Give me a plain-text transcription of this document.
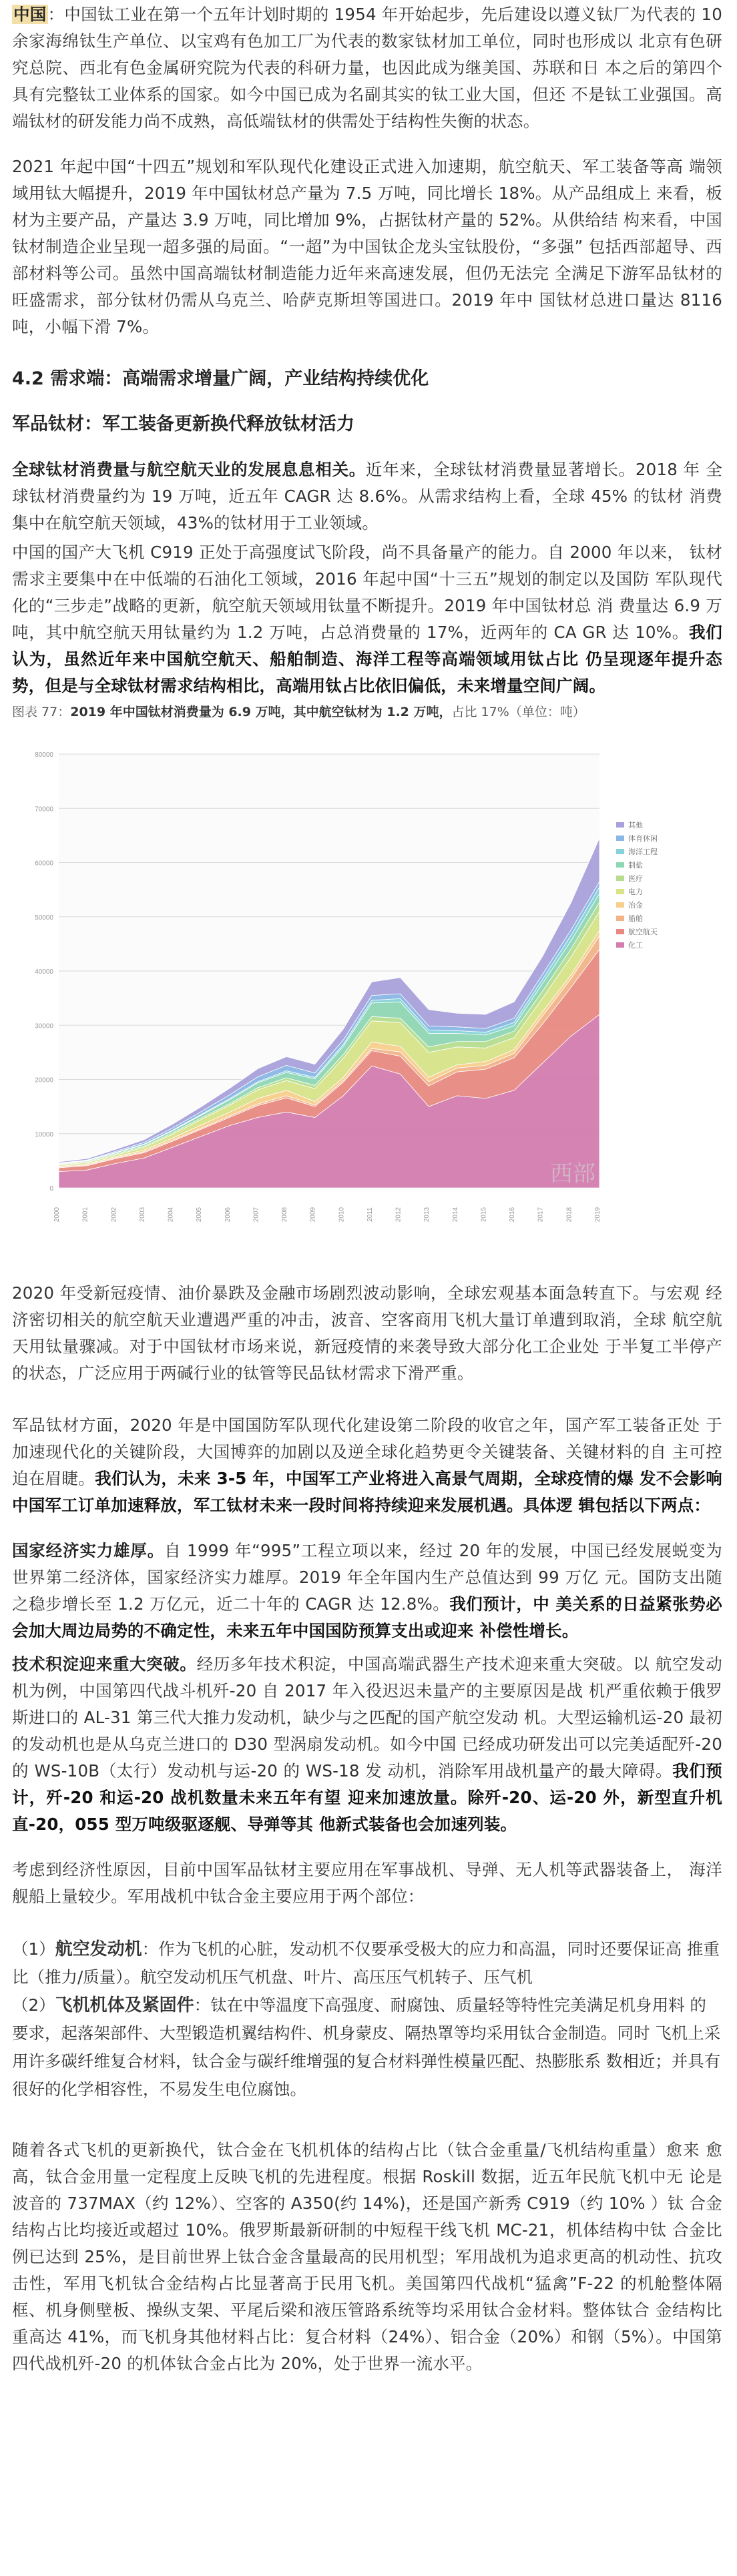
中国：中国钛工业在第一个五年计划时期的 1954 年开始起步，先后建设以遵义钛厂为代表的 10 余家海绵钛生产单位、以宝鸡有色加工厂为代表的数家钛材加工单位，同时也形成以 北京有色研究总院、西北有色金属研究院为代表的科研力量，也因此成为继美国、苏联和日 本之后的第四个具有完整钛工业体系的国家。如今中国已成为名副其实的钛工业大国，但还 不是钛工业强国。高端钛材的研发能力尚不成熟，高低端钛材的供需处于结构性失衡的状态。

2021 年起中国“十四五”规划和军队现代化建设正式进入加速期，航空航天、军工装备等高 端领域用钛大幅提升，2019 年中国钛材总产量为 7.5 万吨，同比增长 18%。从产品组成上 来看，板材为主要产品，产量达 3.9 万吨，同比增加 9%，占据钛材产量的 52%。从供给结 构来看，中国钛材制造企业呈现一超多强的局面。“一超”为中国钛企龙头宝钛股份，“多强” 包括西部超导、西部材料等公司。虽然中国高端钛材制造能力近年来高速发展，但仍无法完 全满足下游军品钛材的旺盛需求，部分钛材仍需从乌克兰、哈萨克斯坦等国进口。2019 年中 国钛材总进口量达 8116 吨，小幅下滑 7%。

4.2 需求端：高端需求增量广阔，产业结构持续优化
军品钛材：军工装备更新换代释放钛材活力

全球钛材消费量与航空航天业的发展息息相关。近年来，全球钛材消费量显著增长。2018 年 全球钛材消费量约为 19 万吨，近五年 CAGR 达 8.6%。从需求结构上看，全球 45% 的钛材 消费集中在航空航天领域，43%的钛材用于工业领域。

中国的国产大飞机 C919 正处于高强度试飞阶段，尚不具备量产的能力。自 2000 年以来， 钛材需求主要集中在中低端的石油化工领域，2016 年起中国“十三五”规划的制定以及国防 军队现代化的“三步走”战略的更新，航空航天领域用钛量不断提升。2019 年中国钛材总 消 费量达 6.9 万吨，其中航空航天用钛量约为 1.2 万吨，占总消费量的 17%，近两年的 CA GR 达 10%。我们认为，虽然近年来中国航空航天、船舶制造、海洋工程等高端领域用钛占比 仍呈现逐年提升态势，但是与全球钛材需求结构相比，高端用钛占比依旧偏低，未来增量空间广阔。

图表 77：2019 年中国钛材消费量为 6.9 万吨，其中航空钛材为 1.2 万吨，占比 17%（单位：吨）
0
10000
20000
30000
40000
50000
60000
70000
80000
2000	2001	2002	2003	2004	2005	2006	2007	2008	2009	2010	2011	2012	2013	2014	2015	2016	2017	2018	2019
其他
体育休闲
海洋工程
制盐
医疗
电力
冶金
船舶
航空航天
化工
西部

2020 年受新冠疫情、油价暴跌及金融市场剧烈波动影响，全球宏观基本面急转直下。与宏观 经济密切相关的航空航天业遭遇严重的冲击，波音、空客商用飞机大量订单遭到取消，全球 航空航天用钛量骤减。对于中国钛材市场来说，新冠疫情的来袭导致大部分化工企业处 于半复工半停产的状态，广泛应用于两碱行业的钛管等民品钛材需求下滑严重。

军品钛材方面，2020 年是中国国防军队现代化建设第二阶段的收官之年，国产军工装备正处 于加速现代化的关键阶段，大国博弈的加剧以及逆全球化趋势更令关键装备、关键材料的自 主可控迫在眉睫。我们认为，未来 3-5 年，中国军工产业将进入高景气周期，全球疫情的爆 发不会影响中国军工订单加速释放，军工钛材未来一段时间将持续迎来发展机遇。具体逻 辑包括以下两点：

国家经济实力雄厚。自 1999 年“995”工程立项以来，经过 20 年的发展，中国已经发展蜕变为世界第二经济体，国家经济实力雄厚。2019 年全年国内生产总值达到 99 万亿 元。国防支出随之稳步增长至 1.2 万亿元，近二十年的 CAGR 达 12.8%。我们预计，中 美关系的日益紧张势必会加大周边局势的不确定性，未来五年中国国防预算支出或迎来 补偿性增长。

技术积淀迎来重大突破。经历多年技术积淀，中国高端武器生产技术迎来重大突破。以 航空发动机为例，中国第四代战斗机歼-20 自 2017 年入役迟迟未量产的主要原因是战 机严重依赖于俄罗斯进口的 AL-31 第三代大推力发动机，缺少与之匹配的国产航空发动 机。大型运输机运-20 最初的发动机也是从乌克兰进口的 D30 型涡扇发动机。如今中国 已经成功研发出可以完美适配歼-20 的 WS-10B（太行）发动机与运-20 的 WS-18 发 动机，消除军用战机量产的最大障碍。我们预计，歼-20 和运-20 战机数量未来五年有望 迎来加速放量。除歼-20、运-20 外，新型直升机直-20，055 型万吨级驱逐舰、导弹等其 他新式装备也会加速列装。

考虑到经济性原因，目前中国军品钛材主要应用在军事战机、导弹、无人机等武器装备上， 海洋舰船上量较少。军用战机中钛合金主要应用于两个部位：

（1）航空发动机：作为飞机的心脏，发动机不仅要承受极大的应力和高温，同时还要保证高 推重比（推力/质量）。航空发动机压气机盘、叶片、高压压气机转子、压气机
（2）飞机机体及紧固件：钛在中等温度下高强度、耐腐蚀、质量轻等特性完美满足机身用料 的要求，起落架部件、大型锻造机翼结构件、机身蒙皮、隔热罩等均采用钛合金制造。同时 飞机上采用许多碳纤维复合材料，钛合金与碳纤维增强的复合材料弹性模量匹配、热膨胀系 数相近；并具有很好的化学相容性，不易发生电位腐蚀。

随着各式飞机的更新换代，钛合金在飞机机体的结构占比（钛合金重量/飞机结构重量）愈来 愈高，钛合金用量一定程度上反映飞机的先进程度。根据 Roskill 数据，近五年民航飞机中无 论是波音的 737MAX（约 12%）、空客的 A350(约 14%)，还是国产新秀 C919（约 10% ）钛 合金结构占比均接近或超过 10%。俄罗斯最新研制的中短程干线飞机 MC-21，机体结构中钛 合金比例已达到 25%，是目前世界上钛合金含量最高的民用机型；军用战机为追求更高的机动性、抗攻 击性，军用飞机钛合金结构占比显著高于民用飞机。美国第四代战机“猛禽”F-22 的机舱整体隔框、机身侧壁板、操纵支架、平尾后梁和液压管路系统等均采用钛合金材料。整体钛合 金结构比重高达 41%，而飞机身其他材料占比：复合材料（24%）、铝合金（20%）和钢（5%）。中国第四代战机歼-20 的机体钛合金占比为 20%，处于世界一流水平。
